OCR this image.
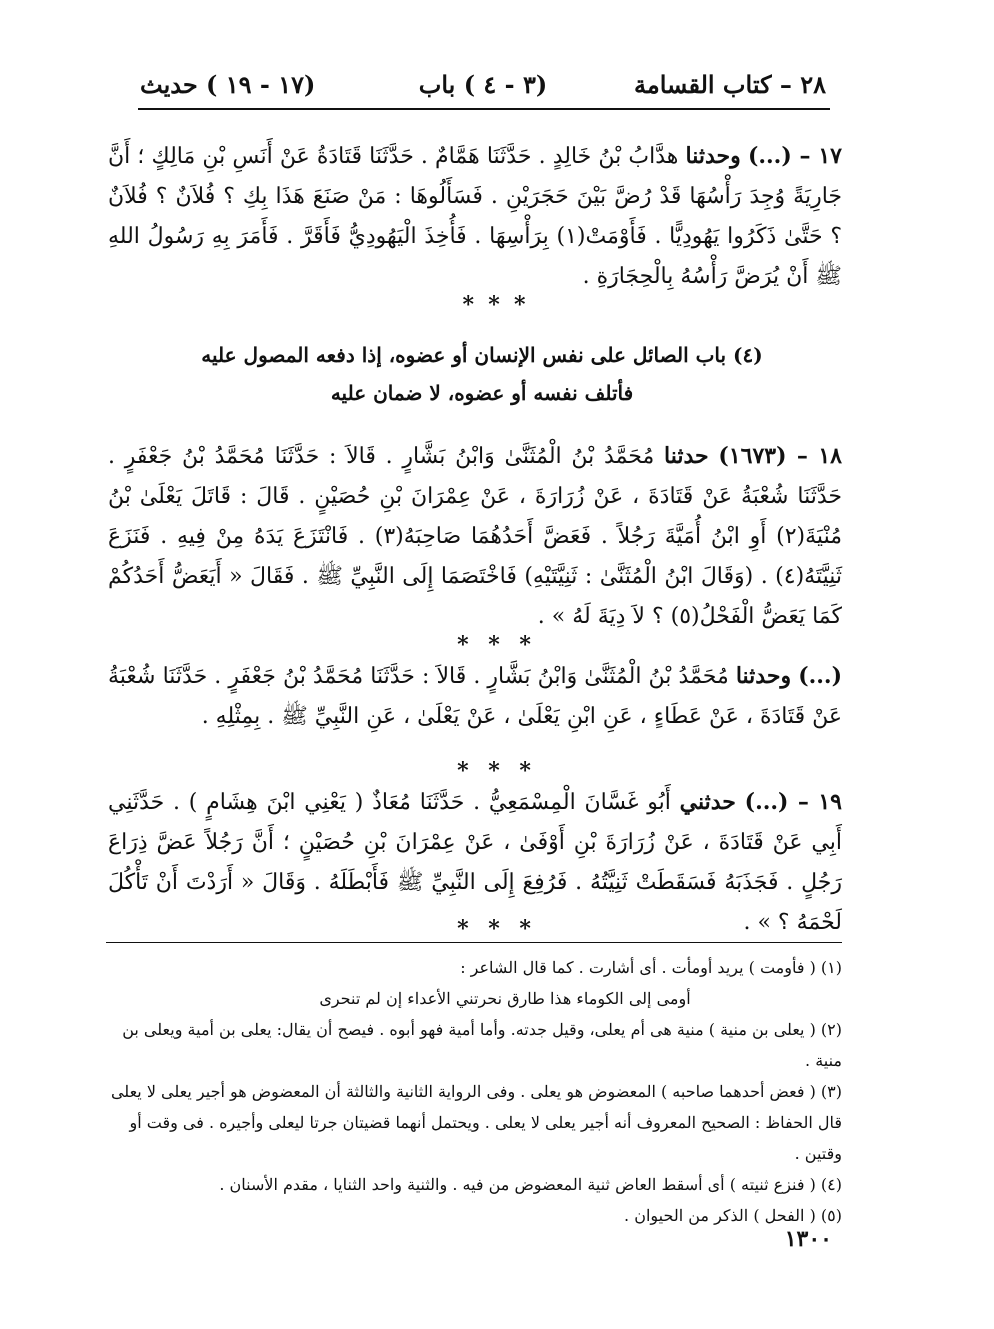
٢٨ – كتاب القسامة
(٣ - ٤ ) باب
(١٧ - ١٩ ) حديث

١٧ – (...) وحدثنا هدَّابُ بْنُ خَالِدٍ . حَدَّثَنَا هَمَّامٌ . حَدَّثَنَا قَتَادَةُ عَنْ أَنَسِ بْنِ مَالِكٍ ؛ أَنَّ جَارِيَةً وُجِدَ رَأْسُهَا قَدْ رُضَّ بَيْنَ حَجَرَيْنِ . فَسَأَلُوهَا : مَنْ صَنَعَ هَذَا بِكِ ؟ فُلاَنٌ ؟ فُلاَنٌ ؟ حَتَّىٰ ذَكَرُوا يَهُودِيًّا . فَأَوْمَتْ(١) بِرَأْسِهَا . فَأُخِذَ الْيَهُودِيُّ فَأَقَرَّ . فَأَمَرَ بِهِ رَسُولُ اللهِ ﷺ أَنْ يُرَضَّ رَأْسُهُ بِالْحِجَارَةِ .

* * *
(٤) باب الصائل على نفس الإنسان أو عضوه، إذا دفعه المصول عليه
فأتلف نفسه أو عضوه، لا ضمان عليه

١٨ – (١٦٧٣) حدثنا مُحَمَّدُ بْنُ الْمُثَنَّىٰ وَابْنُ بَشَّارٍ . قَالاَ : حَدَّثَنَا مُحَمَّدُ بْنُ جَعْفَرٍ . حَدَّثَنَا شُعْبَةُ عَنْ قَتَادَةَ ، عَنْ زُرَارَةَ ، عَنْ عِمْرَانَ بْنِ حُصَيْنٍ . قَالَ : قَاتَلَ يَعْلَىٰ بْنُ مُنْيَةَ(٢) أَوِ ابْنُ أُمَيَّةَ رَجُلاً . فَعَضَّ أَحَدُهُمَا صَاحِبَهُ(٣) . فَانْتَزَعَ يَدَهُ مِنْ فِيهِ . فَنَزَعَ ثَنِيَّتَهُ(٤) . (وَقَالَ ابْنُ الْمُثَنَّىٰ : ثَنِيَّتَيْهِ) فَاخْتَصَمَا إِلَى النَّبِيِّ ﷺ . فَقَالَ « أَيَعَضُّ أَحَدُكُمْ كَمَا يَعَضُّ الْفَحْلُ(٥) ؟ لاَ دِيَةَ لَهُ » .

* * *

(...) وحدثنا مُحَمَّدُ بْنُ الْمُثَنَّىٰ وَابْنُ بَشَّارٍ . قَالاَ : حَدَّثَنَا مُحَمَّدُ بْنُ جَعْفَرٍ . حَدَّثَنَا شُعْبَةُ عَنْ قَتَادَةَ ، عَنْ عَطَاءٍ ، عَنِ ابْنِ يَعْلَىٰ ، عَنْ يَعْلَىٰ ، عَنِ النَّبِيِّ ﷺ . بِمِثْلِهِ .

* * *

١٩ – (...) حدثني أَبُو غَسَّانَ الْمِسْمَعِيُّ . حَدَّثَنَا مُعَاذٌ ( يَعْنِي ابْنَ هِشَامٍ ) . حَدَّثَنِي أَبِي عَنْ قَتَادَةَ ، عَنْ زُرَارَةَ بْنِ أَوْفَىٰ ، عَنْ عِمْرَانَ بْنِ حُصَيْنٍ ؛ أَنَّ رَجُلاً عَضَّ ذِرَاعَ رَجُلٍ . فَجَذَبَهُ فَسَقَطَتْ ثَنِيَّتُهُ . فَرُفِعَ إِلَى النَّبِيِّ ﷺ فَأَبْطَلَهُ . وَقَالَ « أَرَدْتَ أَنْ تَأْكُلَ لَحْمَهُ ؟ » .

* * *

(١) ( فأومت ) يريد أومأت . أى أشارت . كما قال الشاعر :

أومى إلى الكوماء هذا طارق نحرتني الأعداء إن لم تنحرى

(٢) ( يعلى بن منية ) منية هى أم يعلى، وقيل جدته. وأما أمية فهو أبوه . فيصح أن يقال: يعلى بن أمية ويعلى بن منية .

(٣) ( فعض أحدهما صاحبه ) المعضوض هو يعلى . وفى الرواية الثانية والثالثة أن المعضوض هو أجير يعلى لا يعلى

قال الحفاظ : الصحيح المعروف أنه أجير يعلى لا يعلى . ويحتمل أنهما قضيتان جرتا ليعلى وأجيره . فى وقت أو وقتين .

(٤) ( فنزع ثنيته ) أى أسقط العاض ثنية المعضوض من فيه . والثنية واحد الثنايا ، مقدم الأسنان .

(٥) ( الفحل ) الذكر من الحيوان .

١٣٠٠
